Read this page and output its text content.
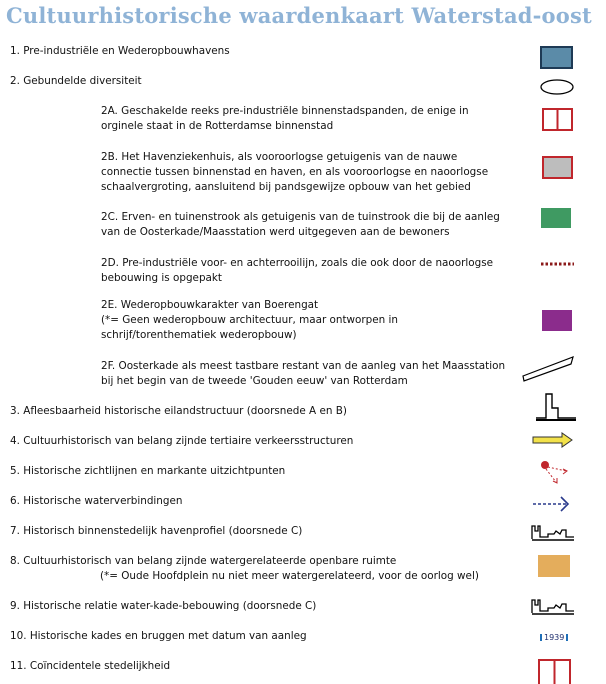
Cultuurhistorische waardenkaart Waterstad-oost
1. Pre-industriële en Wederopbouwhavens
2. Gebundelde diversiteit
2A. Geschakelde reeks pre-industriële binnenstadspanden, de enige in orginele staat in de Rotterdamse binnenstad
2B. Het Havenziekenhuis, als vooroorlogse getuigenis van de nauwe connectie tussen binnenstad en haven, en als vooroorlogse en naoorlogse schaalvergroting, aansluitend bij pandsgewijze opbouw van het gebied
2C. Erven- en tuinenstrook als getuigenis van de tuinstrook die bij de aanleg van de Oosterkade/Maasstation werd uitgegeven aan de bewoners
2D. Pre-industriële voor- en achterrooilijn, zoals die ook door de naoorlogse bebouwing is opgepakt
2E. Wederopbouwkarakter van Boerengat
(*= Geen wederopbouw architectuur, maar ontworpen in schrijf/torenthematiek wederopbouw)
2F. Oosterkade als meest tastbare restant van de aanleg van het Maasstation bij het begin van de tweede 'Gouden eeuw' van Rotterdam
3. Afleesbaarheid historische eilandstructuur (doorsnede A en B)
4. Cultuurhistorisch van belang zijnde tertiaire verkeersstructuren
5. Historische zichtlijnen en markante uitzichtpunten
6. Historische waterverbindingen
7. Historisch binnenstedelijk havenprofiel (doorsnede C)
8. Cultuurhistorisch van belang zijnde watergerelateerde openbare ruimte
(*= Oude Hoofdplein nu niet meer watergerelateerd, voor de oorlog wel)
9. Historische relatie water-kade-bebouwing (doorsnede C)
10. Historische kades en bruggen met datum van aanleg	1939
11. Coïncidentele stedelijkheid
